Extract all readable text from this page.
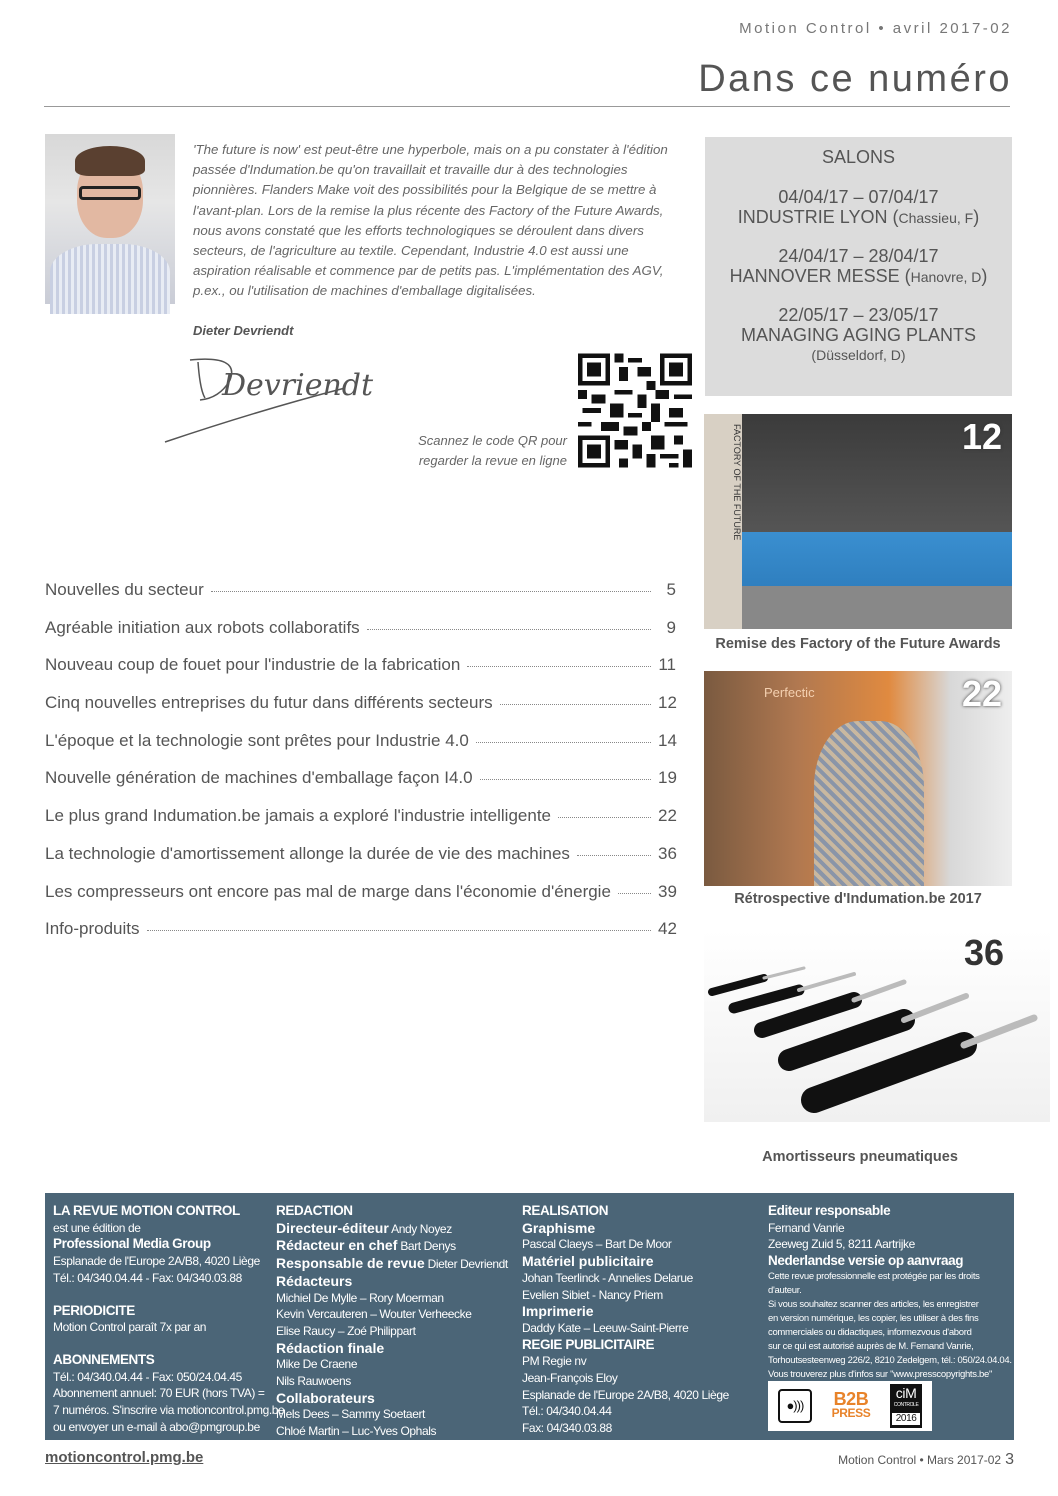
Motion Control • avril 2017-02
Dans ce numéro
'The future is now' est peut-être une hyperbole, mais on a pu constater à l'édition passée d'Indumation.be qu'on travaillait et travaille dur à des technologies pionnières. Flanders Make voit des possibilités pour la Belgique de se mettre à l'avant-plan. Lors de la remise la plus récente des Factory of the Future Awards, nous avons constaté que les efforts technologiques se déroulent dans divers secteurs, de l'agriculture au textile. Cependant, Industrie 4.0 est aussi une aspiration réalisable et commence par de petits pas. L'implémentation des AGV, p.ex., ou l'utilisation de machines d'emballage digitalisées.
Dieter Devriendt
Devriendt
Scannez le code QR pour
regarder la revue en ligne
SALONS
04/04/17 – 07/04/17
INDUSTRIE LYON (Chassieu, F)
24/04/17 – 28/04/17
HANNOVER MESSE (Hanovre, D)
22/05/17 – 23/05/17
MANAGING AGING PLANTS
(Düsseldorf, D)
FACTORY OF THE FUTURE	12
Remise des Factory of the Future Awards
Perfectic	22
Rétrospective d'Indumation.be 2017
36
Amortisseurs pneumatiques
Nouvelles du secteur	5
Agréable initiation aux robots collaboratifs	9
Nouveau coup de fouet pour l'industrie de la fabrication	11
Cinq nouvelles entreprises du futur dans différents secteurs	12
L'époque et la technologie sont prêtes pour Industrie 4.0	14
Nouvelle génération de machines d'emballage façon I4.0	19
Le plus grand Indumation.be jamais a exploré l'industrie intelligente	22
La technologie d'amortissement allonge la durée de vie des machines	36
Les compresseurs ont encore pas mal de marge dans l'économie d'énergie	39
Info-produits	42
LA REVUE MOTION CONTROL
est une édition de
Professional Media Group
Esplanade de l'Europe 2A/B8, 4020 Liège
Tél.: 04/340.04.44 - Fax: 04/340.03.88
PERIODICITE
Motion Control paraît 7x par an
ABONNEMENTS
Tél.: 04/340.04.44 - Fax: 050/24.04.45
Abonnement annuel: 70 EUR (hors TVA) =
7 numéros. S'inscrire via motioncontrol.pmg.be
ou envoyer un e-mail à abo@pmgroup.be
REDACTION
Directeur-éditeur Andy Noyez
Rédacteur en chef Bart Denys
Responsable de revue Dieter Devriendt
Rédacteurs
Michiel De Mylle – Rory Moerman
Kevin Vercauteren – Wouter Verheecke
Elise Raucy – Zoé Philippart
Rédaction finale
Mike De Craene
Nils Rauwoens
Collaborateurs
Mels Dees – Sammy Soetaert
Chloé Martin – Luc-Yves Ophals
REALISATION
Graphisme
Pascal Claeys – Bart De Moor
Matériel publicitaire
Johan Teerlinck - Annelies Delarue
Evelien Sibiet - Nancy Priem
Imprimerie
Daddy Kate – Leeuw-Saint-Pierre
REGIE PUBLICITAIRE
PM Regie nv
Jean-François Eloy
Esplanade de l'Europe 2A/B8, 4020 Liège
Tél.: 04/340.04.44
Fax: 04/340.03.88
Editeur responsable
Fernand Vanrie
Zeeweg Zuid 5, 8211 Aartrijke
Nederlandse versie op aanvraag
Cette revue professionnelle est protégée par les droits d'auteur.
Si vous souhaitez scanner des articles, les enregistrer
en version numérique, les copier, les utiliser à des fins
commerciales ou didactiques, informezvous d'abord
sur ce qui est autorisé auprès de M. Fernand Vanrie,
Torhoutsesteenweg 226/2, 8210 Zedelgem, tél.: 050/24.04.04.
Vous trouverez plus d'infos sur "www.presscopyrights.be"
●)))	B2B
PRESS
ciM
CONTROLE
2016
motioncontrol.pmg.be	Motion Control • Mars 2017-02 3
